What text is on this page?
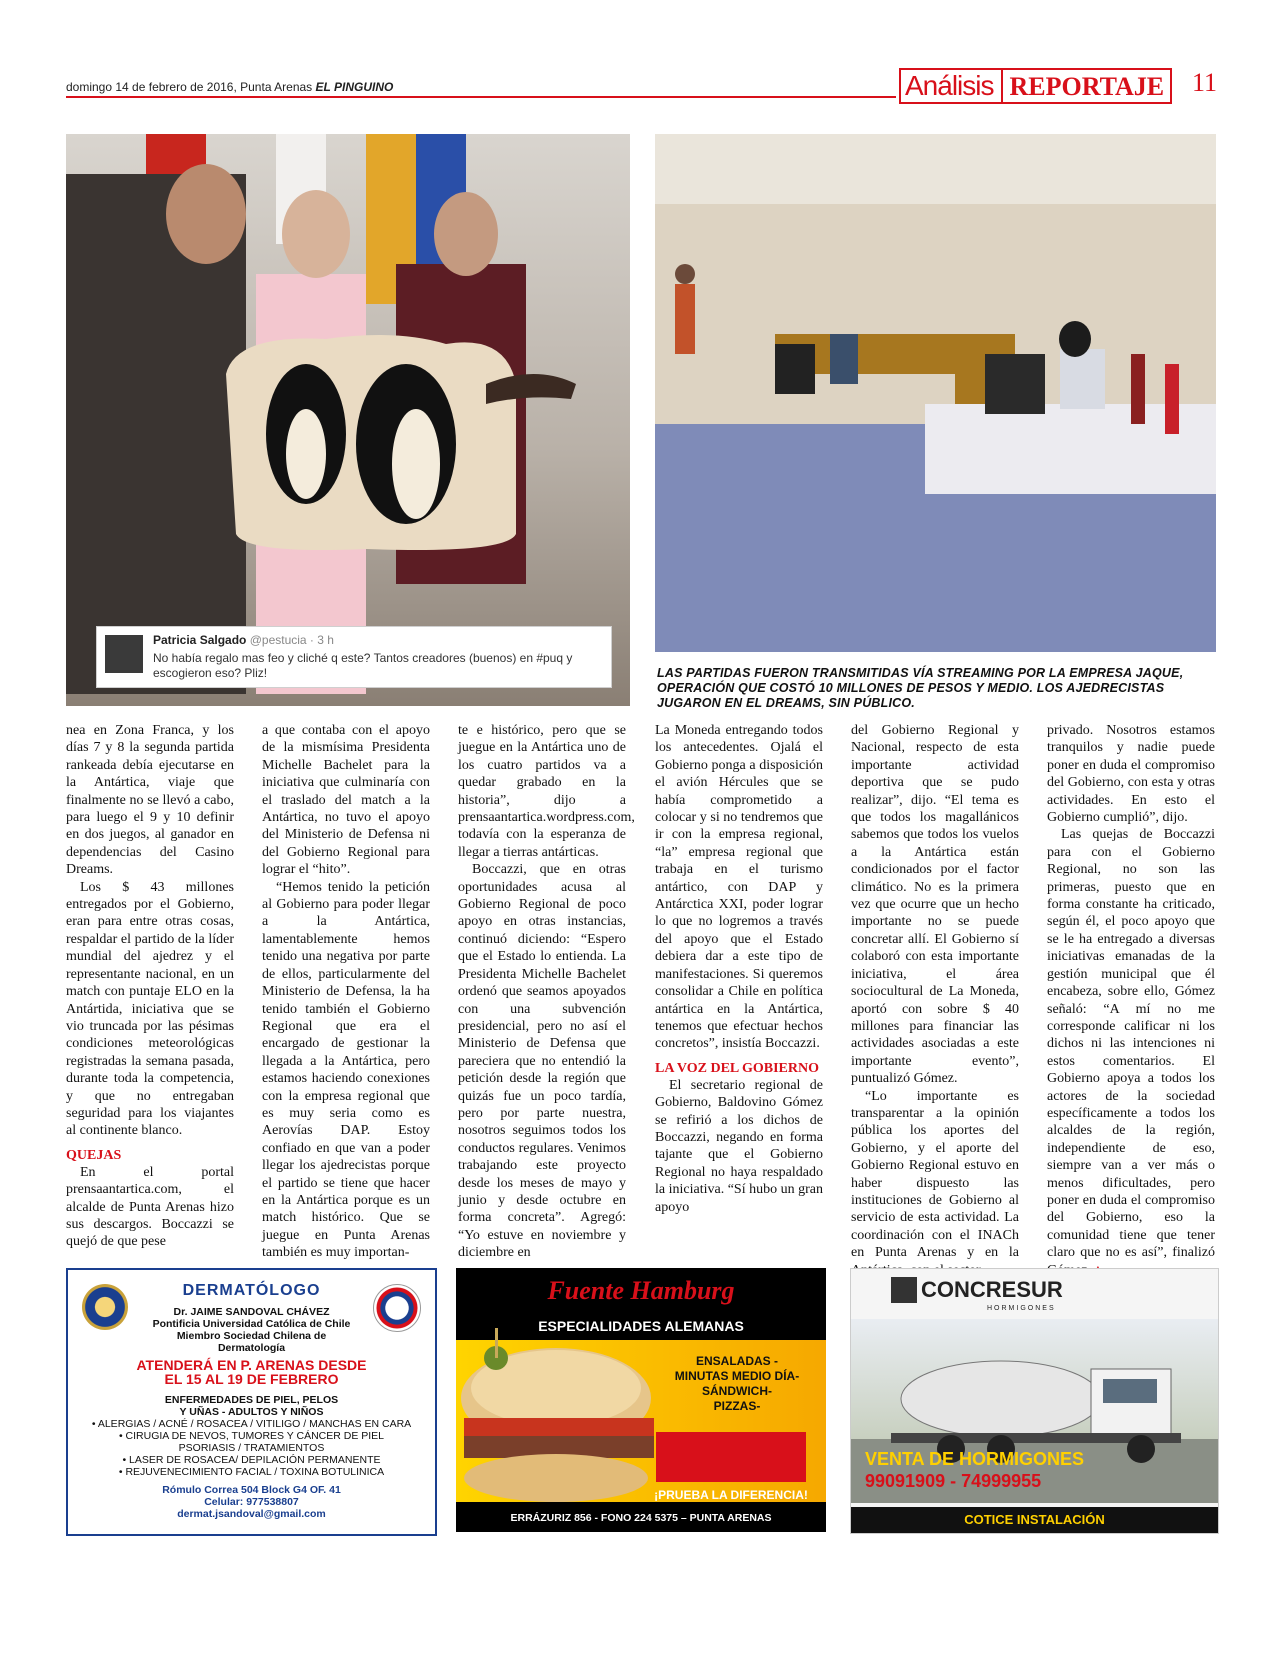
domingo 14 de febrero de 2016, Punta Arenas EL PINGUINO	Análisis REPORTAJE 11
Patricia Salgado @pestucia · 3 h
No había regalo mas feo y cliché q este? Tantos creadores (buenos) en #puq y escogieron eso? Pliz!	LAS PARTIDAS FUERON TRANSMITIDAS VÍA STREAMING POR LA EMPRESA JAQUE, OPERACIÓN QUE COSTÓ 10 MILLONES DE PESOS Y MEDIO. LOS AJEDRECISTAS JUGARON EN EL DREAMS, SIN PÚBLICO.

nea en Zona Franca, y los días 7 y 8 la segunda partida rankeada debía ejecutarse en la Antártica, viaje que finalmente no se llevó a cabo, para luego el 9 y 10 definir en dos juegos, al ganador en dependencias del Casino Dreams.

Los $ 43 millones entregados por el Gobierno, eran para entre otras cosas, respaldar el partido de la líder mundial del ajedrez y el representante nacional, en un match con puntaje ELO en la Antártida, iniciativa que se vio truncada por las pésimas condiciones meteorológicas registradas la semana pasada, durante toda la competencia, y que no entregaban seguridad para los viajantes al continente blanco.

QUEJAS

En el portal prensaantartica.com, el alcalde de Punta Arenas hizo sus descargos. Boccazzi se quejó de que pese

a que contaba con el apoyo de la mismísima Presidenta Michelle Bachelet para la iniciativa que culminaría con el traslado del match a la Antártica, no tuvo el apoyo del Ministerio de Defensa ni del Gobierno Regional para lograr el “hito”.

“Hemos tenido la petición al Gobierno para poder llegar a la Antártica, lamentablemente hemos tenido una negativa por parte de ellos, particularmente del Ministerio de Defensa, la ha tenido también el Gobierno Regional que era el encargado de gestionar la llegada a la Antártica, pero estamos haciendo conexiones con la empresa regional que es muy seria como es Aerovías DAP. Estoy confiado en que van a poder llegar los ajedrecistas porque el partido se tiene que hacer en la Antártica porque es un match histórico. Que se juegue en Punta Arenas también es muy importan-

te e histórico, pero que se juegue en la Antártica uno de los cuatro partidos va a quedar grabado en la historia”, dijo a prensaantartica.wordpress.com, todavía con la esperanza de llegar a tierras antárticas.

Boccazzi, que en otras oportunidades acusa al Gobierno Regional de poco apoyo en otras instancias, continuó diciendo: “Espero que el Estado lo entienda. La Presidenta Michelle Bachelet ordenó que seamos apoyados con una subvención presidencial, pero no así el Ministerio de Defensa que pareciera que no entendió la petición desde la región que quizás fue un poco tardía, pero por parte nuestra, nosotros seguimos todos los conductos regulares. Venimos trabajando este proyecto desde los meses de mayo y junio y desde octubre en forma concreta”. Agregó: “Yo estuve en noviembre y diciembre en

La Moneda entregando todos los antecedentes. Ojalá el Gobierno ponga a disposición el avión Hércules que se había comprometido a colocar y si no tendremos que ir con la empresa regional, “la” empresa regional que trabaja en el turismo antártico, con DAP y Antárctica XXI, poder lograr lo que no logremos a través del apoyo que el Estado debiera dar a este tipo de manifestaciones. Si queremos consolidar a Chile en política antártica en la Antártica, tenemos que efectuar hechos concretos”, insistía Boccazzi.

LA VOZ DEL GOBIERNO

El secretario regional de Gobierno, Baldovino Gómez se refirió a los dichos de Boccazzi, negando en forma tajante que el Gobierno Regional no haya respaldado la iniciativa. “Sí hubo un gran apoyo

del Gobierno Regional y Nacional, respecto de esta importante actividad deportiva que se pudo realizar”, dijo. “El tema es que todos los magallánicos sabemos que todos los vuelos a la Antártica están condicionados por el factor climático. No es la primera vez que ocurre que un hecho importante no se puede concretar allí. El Gobierno sí colaboró con esta importante iniciativa, el área sociocultural de La Moneda, aportó con sobre $ 40 millones para financiar las actividades asociadas a este importante evento”, puntualizó Gómez.

“Lo importante es transparentar a la opinión pública los aportes del Gobierno, y el aporte del Gobierno Regional estuvo en haber dispuesto las instituciones de Gobierno al servicio de esta actividad. La coordinación con el INACh en Punta Arenas y en la

privado. Nosotros estamos tranquilos y nadie puede poner en duda el compromiso del Gobierno, con esta y otras actividades. En esto el Gobierno cumplió”, dijo.

Las quejas de Boccazzi para con el Gobierno Regional, no son las primeras, puesto que en forma constante ha criticado, según él, el poco apoyo que se le ha entregado a diversas iniciativas emanadas de la gestión municipal que él encabeza, sobre ello, Gómez señaló: “A mí no me corresponde calificar ni los dichos ni las intenciones ni estos comentarios. El Gobierno apoya a todos los actores de la sociedad específicamente a todos los alcaldes de la región, independiente de eso, siempre van a ver más o menos dificultades, pero poner en duda el compromiso del Gobierno, eso la comunidad tiene que tener claro que no es así”, finalizó

DERMATÓLOGO
Dr. JAIME SANDOVAL CHÁVEZ
Pontificia Universidad Católica de Chile
Miembro Sociedad Chilena de
Dermatología
ATENDERÁ EN P. ARENAS DESDE
EL 15 AL 19 DE FEBRERO
ENFERMEDADES DE PIEL, PELOS
Y UÑAS - ADULTOS Y NIÑOS
• ALERGIAS / ACNÉ / ROSACEA / VITILIGO / MANCHAS EN CARA
• CIRUGIA DE NEVOS, TUMORES Y CÁNCER DE PIEL
PSORIASIS / TRATAMIENTOS
• LASER DE ROSACEA/ DEPILACIÓN PERMANENTE
• REJUVENECIMIENTO FACIAL / TOXINA BOTULINICA
Rómulo Correa 504 Block G4 OF. 41
Celular: 977538807
dermat.jsandoval@gmail.com
Fuente Hamburg
ESPECIALIDADES ALEMANAS
ENSALADAS -
MINUTAS MEDIO DÍA-
SÁNDWICH-
PIZZAS-
¡PRUEBA LA DIFERENCIA!
ERRÁZURIZ 856 - FONO 224 5375 – PUNTA ARENAS
CONCRESUR
HORMIGONES
VENTA DE HORMIGONES
99091909 - 74999955
COTICE INSTALACIÓN
